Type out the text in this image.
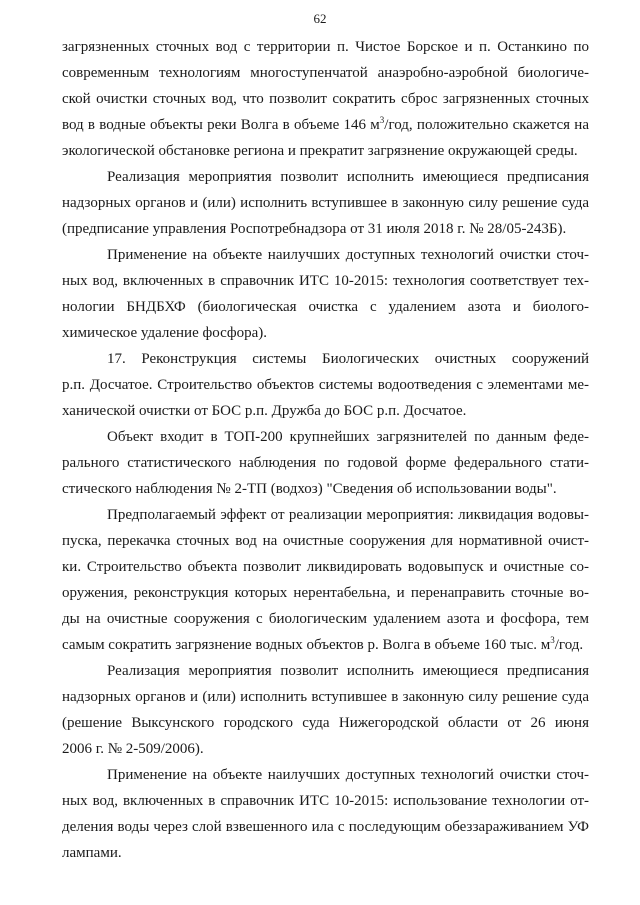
62
загрязненных сточных вод с территории п. Чистое Борское и п. Останкино по
современным технологиям многоступенчатой анаэробно-аэробной биологиче-
ской очистки сточных вод, что позволит сократить сброс загрязненных сточных
вод в водные объекты реки Волга в объеме 146 $м^3$/год, положительно скажется на
экологической обстановке региона и прекратит загрязнение окружающей среды.
Реализация мероприятия позволит исполнить имеющиеся предписания
надзорных органов и (или) исполнить вступившее в законную силу решение суда
(предписание управления Роспотребнадзора от 31 июля 2018 г. № 28/05-243Б).
Применение на объекте наилучших доступных технологий очистки сточ-
ных вод, включенных в справочник ИТС 10-2015: технология соответствует тех-
нологии БНДБХФ (биологическая очистка с удалением азота и биолого-
химическое удаление фосфора).
17. Реконструкция системы Биологических очистных сооружений
р.п. Досчатое. Строительство объектов системы водоотведения с элементами ме-
ханической очистки от БОС р.п. Дружба до БОС р.п. Досчатое.
Объект входит в ТОП-200 крупнейших загрязнителей по данным феде-
рального статистического наблюдения по годовой форме федерального стати-
стического наблюдения № 2-ТП (водхоз) "Сведения об использовании воды".
Предполагаемый эффект от реализации мероприятия: ликвидация водовы-
пуска, перекачка сточных вод на очистные сооружения для нормативной очист-
ки. Строительство объекта позволит ликвидировать водовыпуск и очистные со-
оружения, реконструкция которых нерентабельна, и перенаправить сточные во-
ды на очистные сооружения с биологическим удалением азота и фосфора, тем
самым сократить загрязнение водных объектов р. Волга в объеме 160 тыс. $м^3$/год.
Реализация мероприятия позволит исполнить имеющиеся предписания
надзорных органов и (или) исполнить вступившее в законную силу решение суда
(решение Выксунского городского суда Нижегородской области от 26 июня
2006 г. № 2-509/2006).
Применение на объекте наилучших доступных технологий очистки сточ-
ных вод, включенных в справочник ИТС 10-2015: использование технологии от-
деления воды через слой взвешенного ила с последующим обеззараживанием УФ
лампами.
